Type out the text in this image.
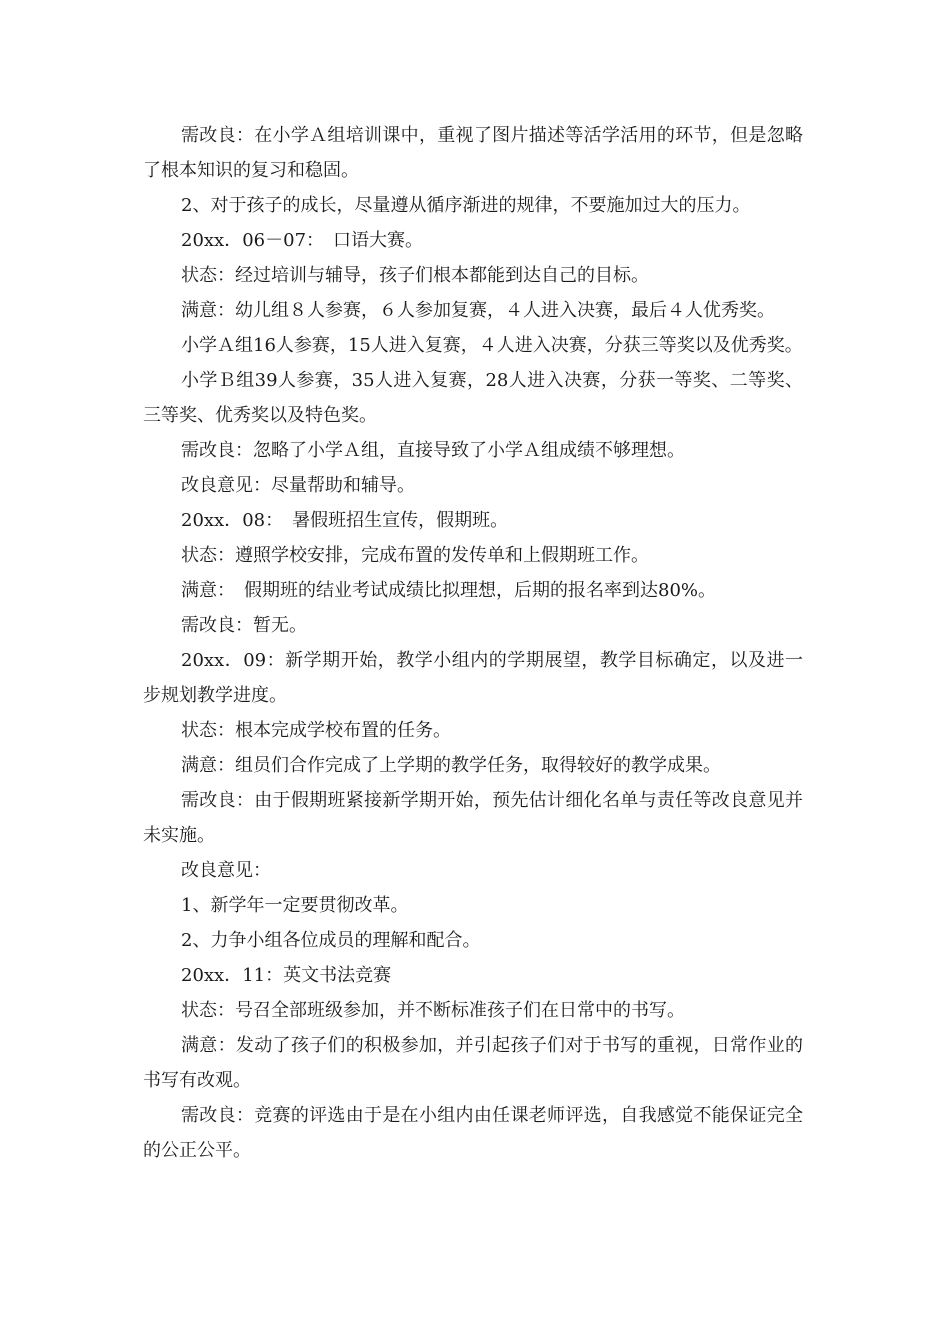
需改良：在小学Ａ组培训课中，重视了图片描述等活学活用的环节，但是忽略了根本知识的复习和稳固。

2、对于孩子的成长，尽量遵从循序渐进的规律，不要施加过大的压力。

20xx．06－07：　口语大赛。

状态：经过培训与辅导，孩子们根本都能到达自己的目标。

满意：幼儿组８人参赛，６人参加复赛，４人进入决赛，最后４人优秀奖。

小学Ａ组16人参赛，15人进入复赛，４人进入决赛，分获三等奖以及优秀奖。

小学Ｂ组39人参赛，35人进入复赛，28人进入决赛，分获一等奖、二等奖、三等奖、优秀奖以及特色奖。

需改良：忽略了小学Ａ组，直接导致了小学Ａ组成绩不够理想。

改良意见：尽量帮助和辅导。

20xx．08：　暑假班招生宣传，假期班。

状态：遵照学校安排，完成布置的发传单和上假期班工作。

满意：　假期班的结业考试成绩比拟理想，后期的报名率到达80%。

需改良：暂无。

20xx．09：新学期开始，教学小组内的学期展望，教学目标确定，以及进一步规划教学进度。

状态：根本完成学校布置的任务。

满意：组员们合作完成了上学期的教学任务，取得较好的教学成果。

需改良：由于假期班紧接新学期开始，预先估计细化名单与责任等改良意见并未实施。

改良意见：

1、新学年一定要贯彻改革。

2、力争小组各位成员的理解和配合。

20xx．11：英文书法竞赛

状态：号召全部班级参加，并不断标准孩子们在日常中的书写。

满意：发动了孩子们的积极参加，并引起孩子们对于书写的重视，日常作业的书写有改观。

需改良：竞赛的评选由于是在小组内由任课老师评选，自我感觉不能保证完全的公正公平。
